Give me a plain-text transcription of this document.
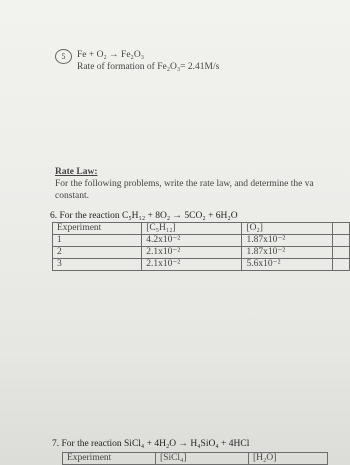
5	Fe + O₂ → Fe₂O₃
Rate of formation of Fe₂O₃= 2.41M/s
Rate Law:
For the following problems, write the rate law, and determine the va
constant.
6. For the reaction C₅H₁₂ + 8O₂ → 5CO₂ + 6H₂O
Experiment	[C₅H₁₂]	[O₂]	
1	4.2x10⁻²	1.87x10⁻²	
2	2.1x10⁻²	1.87x10⁻²	
3	2.1x10⁻²	5.6x10⁻²	
7. For the reaction SiCl₄ + 4H₂O → H₄SiO₄ + 4HCl
Experiment	[SiCl₄]	[H₂O]
